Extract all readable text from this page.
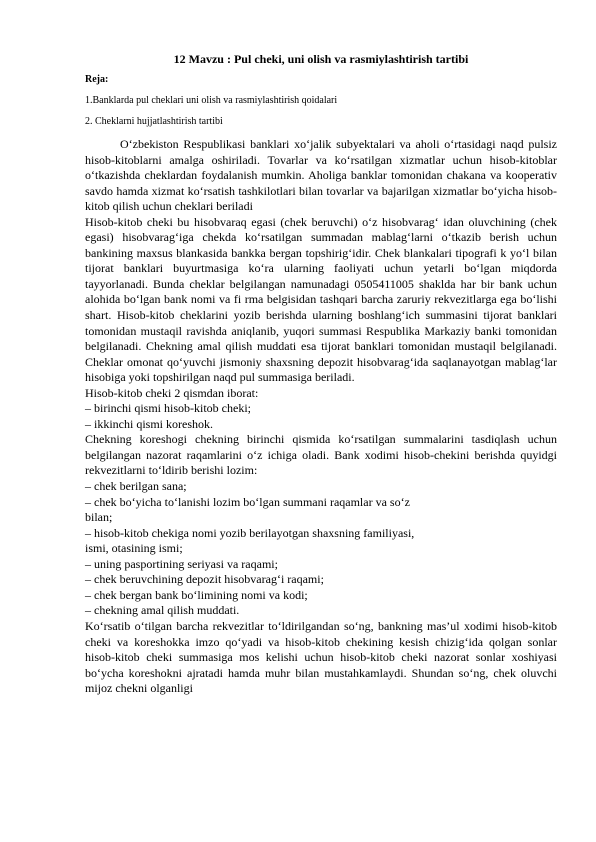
12 Mavzu : Pul cheki, uni olish va rasmiylashtirish tartibi
Reja:
1.Banklarda pul cheklari uni olish va rasmiylashtirish qoidalari
2. Cheklarni hujjatlashtirish tartibi

O‘zbekiston Respublikasi banklari xo‘jalik subyektalari va aholi o‘rtasidagi naqd pulsiz hisob-kitoblarni amalga oshiriladi. Tovarlar va ko‘rsatilgan xizmatlar uchun hisob-kitoblar o‘tkazishda cheklardan foydalanish mumkin. Aholiga banklar tomonidan chakana va kooperativ savdo hamda xizmat ko‘rsatish tashkilotlari bilan tovarlar va bajarilgan xizmatlar bo‘yicha hisob-kitob qilish uchun cheklari beriladi

Hisob-kitob cheki bu hisobvaraq egasi (chek beruvchi) o‘z hisobvarag‘ idan oluvchining (chek egasi) hisobvarag‘iga chekda ko‘rsatilgan summadan mablag‘larni o‘tkazib berish uchun bankining maxsus blankasida bankka bergan topshirig‘idir. Chek blankalari tipografi k yo‘l bilan tijorat banklari buyurtmasiga ko‘ra ularning faoliyati uchun yetarli bo‘lgan miqdorda tayyorlanadi. Bunda cheklar belgilangan namunadagi 0505411005 shaklda har bir bank uchun alohida bo‘lgan bank nomi va fi rma belgisidan tashqari barcha zaruriy rekvezitlarga ega bo‘lishi shart. Hisob-kitob cheklarini yozib berishda ularning boshlang‘ich summasini tijorat banklari tomonidan mustaqil ravishda aniqlanib, yuqori summasi Respublika Markaziy banki tomonidan belgilanadi. Chekning amal qilish muddati esa tijorat banklari tomonidan mustaqil belgilanadi. Cheklar omonat qo‘yuvchi jismoniy shaxsning depozit hisobvarag‘ida saqlanayotgan mablag‘lar hisobiga yoki topshirilgan naqd pul summasiga beriladi.

Hisob-kitob cheki 2 qismdan iborat:

– birinchi qismi hisob-kitob cheki;

– ikkinchi qismi koreshok.

Chekning koreshogi chekning birinchi qismida ko‘rsatilgan summalarini tasdiqlash uchun belgilangan nazorat raqamlarini o‘z ichiga oladi. Bank xodimi hisob-chekini berishda quyidgi rekvezitlarni to‘ldirib berishi lozim:

– chek berilgan sana;

– chek bo‘yicha to‘lanishi lozim bo‘lgan summani raqamlar va so‘z

bilan;

– hisob-kitob chekiga nomi yozib berilayotgan shaxsning familiyasi,

ismi, otasining ismi;

– uning pasportining seriyasi va raqami;

– chek beruvchining depozit hisobvarag‘i raqami;

– chek bergan bank bo‘limining nomi va kodi;

– chekning amal qilish muddati.

Ko‘rsatib o‘tilgan barcha rekvezitlar to‘ldirilgandan so‘ng, bankning mas’ul xodimi hisob-kitob cheki va koreshokka imzo qo‘yadi va hisob-kitob chekining kesish chizig‘ida qolgan sonlar hisob-kitob cheki summasiga mos kelishi uchun hisob-kitob cheki nazorat sonlar xoshiyasi bo‘ycha koreshokni ajratadi hamda muhr bilan mustahkamlaydi. Shundan so‘ng, chek oluvchi mijoz chekni olganligi
